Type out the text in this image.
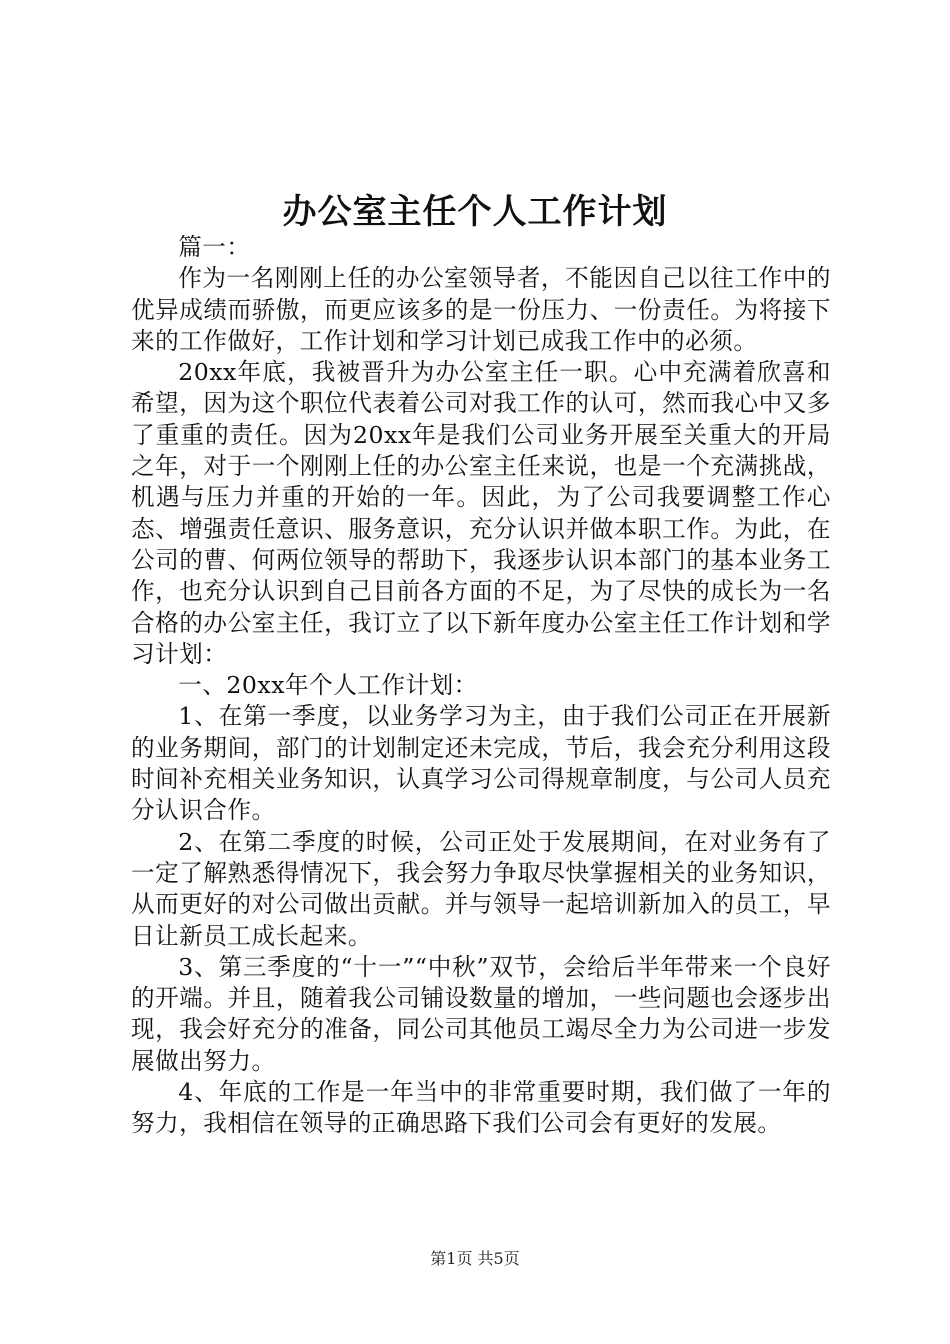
办公室主任个人工作计划

篇一：

作为一名刚刚上任的办公室领导者，不能因自己以往工作中的优异成绩而骄傲，而更应该多的是一份压力、一份责任。为将接下来的工作做好，工作计划和学习计划已成我工作中的必须。

20xx年底，我被晋升为办公室主任一职。心中充满着欣喜和希望，因为这个职位代表着公司对我工作的认可，然而我心中又多了重重的责任。因为20xx年是我们公司业务开展至关重大的开局之年，对于一个刚刚上任的办公室主任来说，也是一个充满挑战，机遇与压力并重的开始的一年。因此，为了公司我要调整工作心态、增强责任意识、服务意识，充分认识并做本职工作。为此，在公司的曹、何两位领导的帮助下，我逐步认识本部门的基本业务工作，也充分认识到自己目前各方面的不足，为了尽快的成长为一名合格的办公室主任，我订立了以下新年度办公室主任工作计划和学习计划：

一、20xx年个人工作计划：

1、在第一季度，以业务学习为主，由于我们公司正在开展新的业务期间，部门的计划制定还未完成，节后，我会充分利用这段时间补充相关业务知识，认真学习公司得规章制度，与公司人员充分认识合作。

2、在第二季度的时候，公司正处于发展期间，在对业务有了一定了解熟悉得情况下，我会努力争取尽快掌握相关的业务知识，从而更好的对公司做出贡献。并与领导一起培训新加入的员工，早日让新员工成长起来。

3、第三季度的“十一”“中秋”双节，会给后半年带来一个良好的开端。并且，随着我公司铺设数量的增加，一些问题也会逐步出现，我会好充分的准备，同公司其他员工竭尽全力为公司进一步发展做出努力。

4、年底的工作是一年当中的非常重要时期，我们做了一年的努力，我相信在领导的正确思路下我们公司会有更好的发展。

第1页 共5页
